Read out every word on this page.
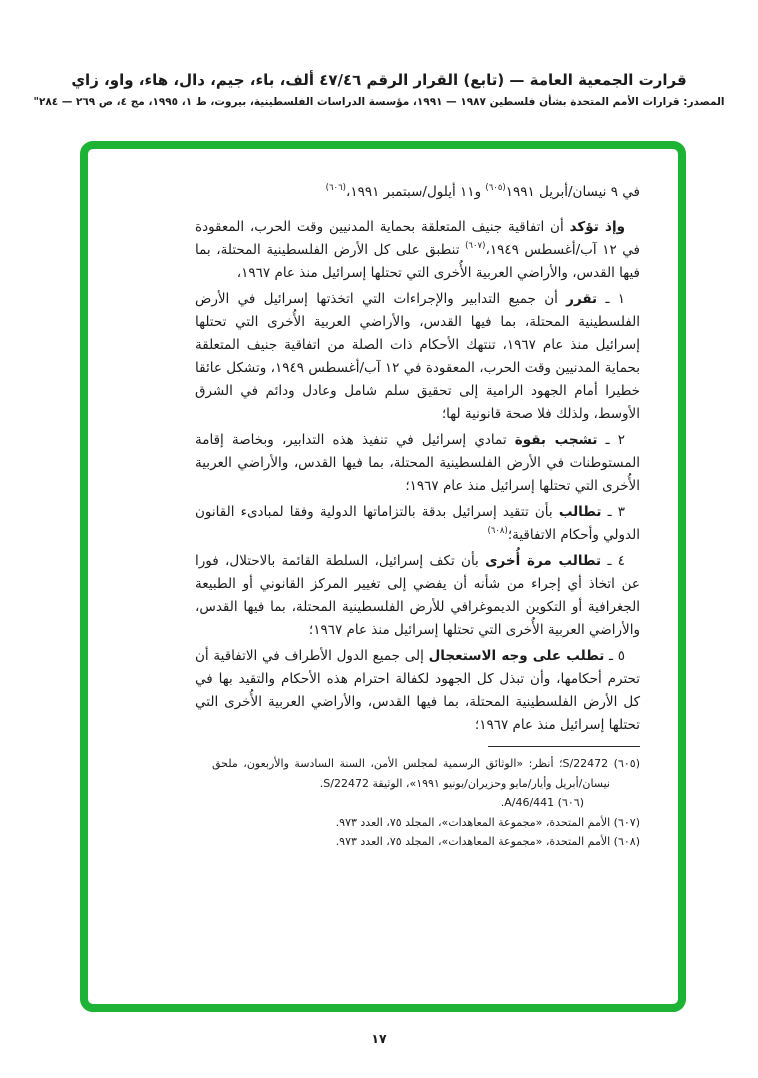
قرارت الجمعية العامة — (تابع) القرار الرقم ٤٧/٤٦ ألف، باء، جيم، دال، هاء، واو، زاي
المصدر: قرارات الأمم المتحدة بشأن فلسطين ١٩٨٧ — ١٩٩١، مؤسسة الدراسات الفلسطينية، بيروت، ط ١، ١٩٩٥، مج ٤، ص ٢٦٩ — ٢٨٤"

في ٩ نيسان/أبريل ١٩٩١$^{(٦٠٥)}$ و١١ أيلول/سبتمبر ١٩٩١،$^{(٦٠٦)}$

وإذ تؤكد أن اتفاقية جنيف المتعلقة بحماية المدنيين وقت الحرب، المعقودة في ١٢ آب/أغسطس ١٩٤٩،$^{(٦٠٧)}$ تنطبق على كل الأرض الفلسطينية المحتلة، بما فيها القدس، والأراضي العربية الأُخرى التي تحتلها إسرائيل منذ عام ١٩٦٧،

١ ـ تقرر أن جميع التدابير والإجراءات التي اتخذتها إسرائيل في الأرض الفلسطينية المحتلة، بما فيها القدس، والأراضي العربية الأُخرى التي تحتلها إسرائيل منذ عام ١٩٦٧، تنتهك الأحكام ذات الصلة من اتفاقية جنيف المتعلقة بحماية المدنيين وقت الحرب، المعقودة في ١٢ آب/أغسطس ١٩٤٩، وتشكل عائقا خطيرا أمام الجهود الرامية إلى تحقيق سلم شامل وعادل ودائم في الشرق الأوسط، ولذلك فلا صحة قانونية لها؛

٢ ـ تشجب بقوة تمادي إسرائيل في تنفيذ هذه التدابير، وبخاصة إقامة المستوطنات في الأرض الفلسطينية المحتلة، بما فيها القدس، والأراضي العربية الأُخرى التي تحتلها إسرائيل منذ عام ١٩٦٧؛

٣ ـ تطالب بأن تتقيد إسرائيل بدقة بالتزاماتها الدولية وفقا لمبادىء القانون الدولي وأحكام الاتفاقية؛$^{(٦٠٨)}$

٤ ـ تطالب مرة أُخرى بأن تكف إسرائيل، السلطة القائمة بالاحتلال، فورا عن اتخاذ أي إجراء من شأنه أن يفضي إلى تغيير المركز القانوني أو الطبيعة الجغرافية أو التكوين الديموغرافي للأرض الفلسطينية المحتلة، بما فيها القدس، والأراضي العربية الأُخرى التي تحتلها إسرائيل منذ عام ١٩٦٧؛

٥ ـ تطلب على وجه الاستعجال إلى جميع الدول الأطراف في الاتفاقية أن تحترم أحكامها، وأن تبذل كل الجهود لكفالة احترام هذه الأحكام والتقيد بها في كل الأرض الفلسطينية المحتلة، بما فيها القدس، والأراضي العربية الأُخرى التي تحتلها إسرائيل منذ عام ١٩٦٧؛

(٦٠٥) S/22472؛ أنظر: «الوثائق الرسمية لمجلس الأمن، السنة السادسة والأربعون، ملحق نيسان/أبريل وأيار/مايو وحزيران/يونيو ١٩٩١»، الوثيقة S/22472.

(٦٠٦) A/46/441.

(٦٠٧) الأمم المتحدة، «مجموعة المعاهدات»، المجلد ٧٥، العدد ٩٧٣.

(٦٠٨) الأمم المتحدة، «مجموعة المعاهدات»، المجلد ٧٥، العدد ٩٧٣.

١٧
